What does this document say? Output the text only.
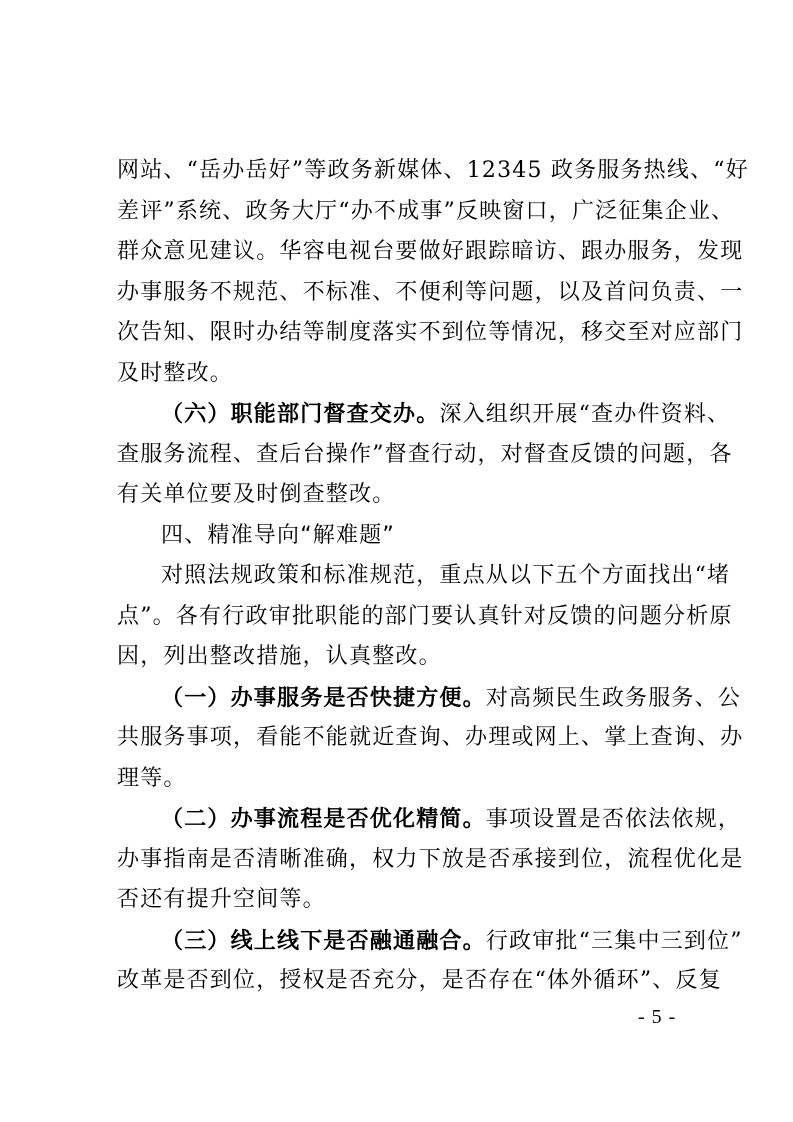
网站、“岳办岳好”等政务新媒体、12345 政务服务热线、“好
差评”系统、政务大厅“办不成事”反映窗口，广泛征集企业、
群众意见建议。华容电视台要做好跟踪暗访、跟办服务，发现
办事服务不规范、不标准、不便利等问题，以及首问负责、一
次告知、限时办结等制度落实不到位等情况，移交至对应部门
及时整改。
（六）职能部门督查交办。深入组织开展“查办件资料、
查服务流程、查后台操作”督查行动，对督查反馈的问题，各
有关单位要及时倒查整改。
四、精准导向“解难题”
对照法规政策和标准规范，重点从以下五个方面找出“堵
点”。各有行政审批职能的部门要认真针对反馈的问题分析原
因，列出整改措施，认真整改。
（一）办事服务是否快捷方便。对高频民生政务服务、公
共服务事项，看能不能就近查询、办理或网上、掌上查询、办
理等。
（二）办事流程是否优化精简。事项设置是否依法依规，
办事指南是否清晰准确，权力下放是否承接到位，流程优化是
否还有提升空间等。
（三）线上线下是否融通融合。行政审批“三集中三到位”
改革是否到位，授权是否充分，是否存在“体外循环”、反复
- 5 -
